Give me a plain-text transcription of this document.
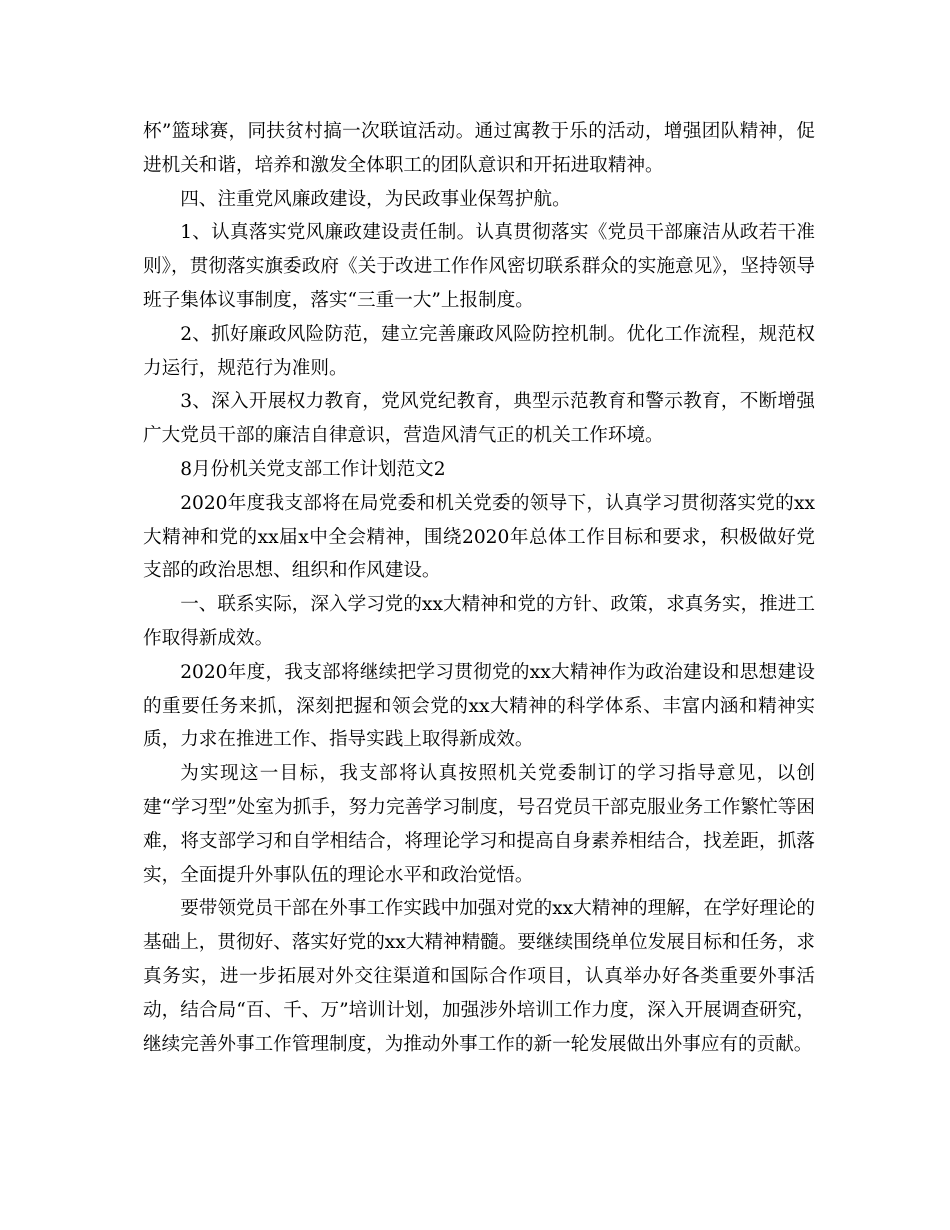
杯”篮球赛，同扶贫村搞一次联谊活动。通过寓教于乐的活动，增强团队精神，促进机关和谐，培养和激发全体职工的团队意识和开拓进取精神。

四、注重党风廉政建设，为民政事业保驾护航。

1、认真落实党风廉政建设责任制。认真贯彻落实《党员干部廉洁从政若干准则》，贯彻落实旗委政府《关于改进工作作风密切联系群众的实施意见》，坚持领导班子集体议事制度，落实“三重一大”上报制度。

2、抓好廉政风险防范，建立完善廉政风险防控机制。优化工作流程，规范权力运行，规范行为准则。

3、深入开展权力教育，党风党纪教育，典型示范教育和警示教育，不断增强广大党员干部的廉洁自律意识，营造风清气正的机关工作环境。

8月份机关党支部工作计划范文2

2020年度我支部将在局党委和机关党委的领导下，认真学习贯彻落实党的xx大精神和党的xx届x中全会精神，围绕2020年总体工作目标和要求，积极做好党支部的政治思想、组织和作风建设。

一、联系实际，深入学习党的xx大精神和党的方针、政策，求真务实，推进工作取得新成效。

2020年度，我支部将继续把学习贯彻党的xx大精神作为政治建设和思想建设的重要任务来抓，深刻把握和领会党的xx大精神的科学体系、丰富内涵和精神实质，力求在推进工作、指导实践上取得新成效。

为实现这一目标，我支部将认真按照机关党委制订的学习指导意见，以创建“学习型”处室为抓手，努力完善学习制度，号召党员干部克服业务工作繁忙等困难，将支部学习和自学相结合，将理论学习和提高自身素养相结合，找差距，抓落实，全面提升外事队伍的理论水平和政治觉悟。

要带领党员干部在外事工作实践中加强对党的xx大精神的理解，在学好理论的基础上，贯彻好、落实好党的xx大精神精髓。要继续围绕单位发展目标和任务，求真务实，进一步拓展对外交往渠道和国际合作项目，认真举办好各类重要外事活动，结合局“百、千、万”培训计划，加强涉外培训工作力度，深入开展调查研究，继续完善外事工作管理制度，为推动外事工作的新一轮发展做出外事应有的贡献。
